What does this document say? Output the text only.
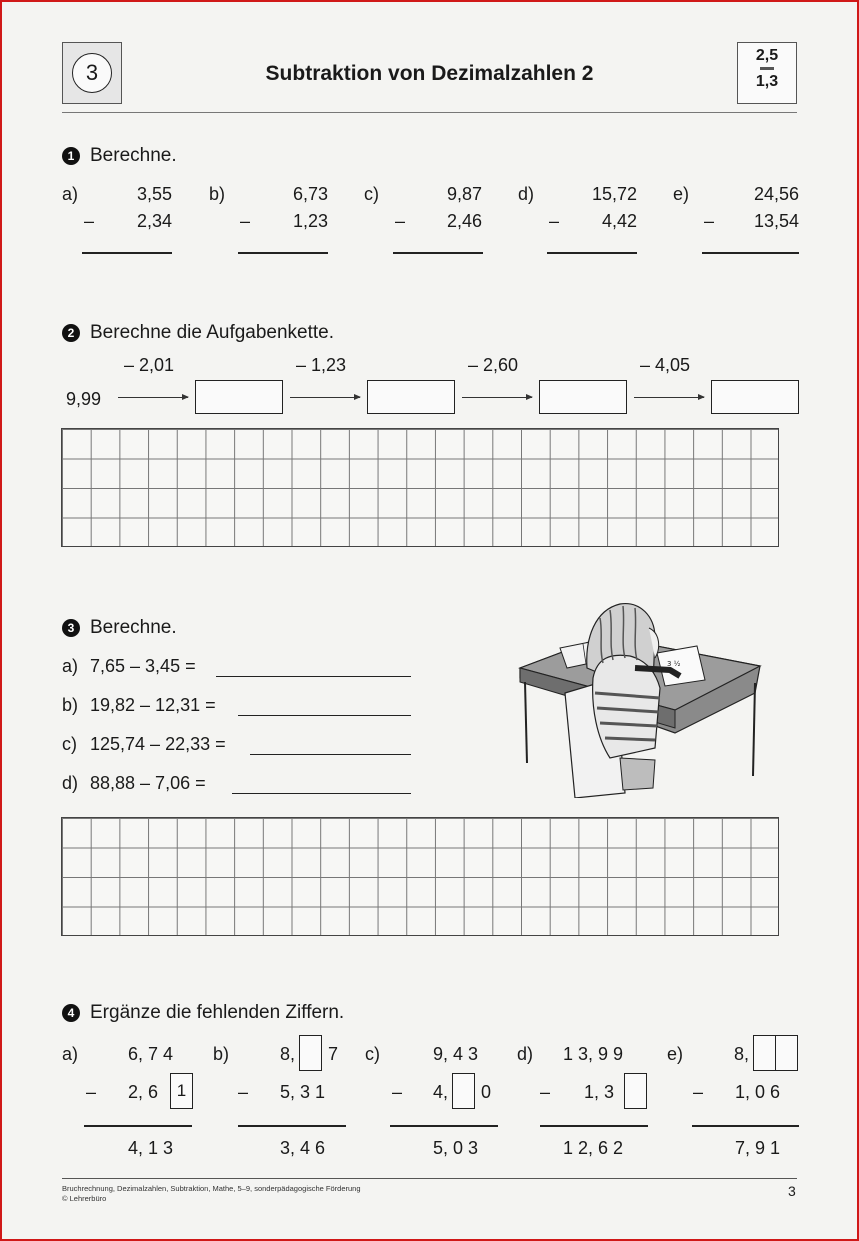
3	Subtraktion von Dezimalzahlen 2
2,5
1,3
1 Berechne.
a)	3,55
–	2,34
b)	6,73
–	1,23
c)	9,87
–	2,46
d)	15,72
–	4,42
e)	24,56
–	13,54
2 Berechne die Aufgabenkette.
– 2,01	– 1,23	– 2,60	– 4,05
9,99
3 Berechne.
a) 7,65 – 3,45 =
b) 19,82 – 12,31 =
c) 125,74 – 22,33 =
d) 88,88 – 7,06 =
3 ½
4 Ergänze die fehlenden Ziffern.
a)	6, 7 4
– 2, 6	1
4, 1 3
b)	8, 7
– 5, 3 1
3, 4 6
c)	9, 4 3
– 4, 0
5, 0 3
d) 1 3, 9 9
– 1, 3
1 2, 6 2
e)	8,
– 1, 0 6
7, 9 1
Bruchrechnung, Dezimalzahlen, Subtraktion, Mathe, 5–9, sonderpädagogische Förderung
© Lehrerbüro	3
